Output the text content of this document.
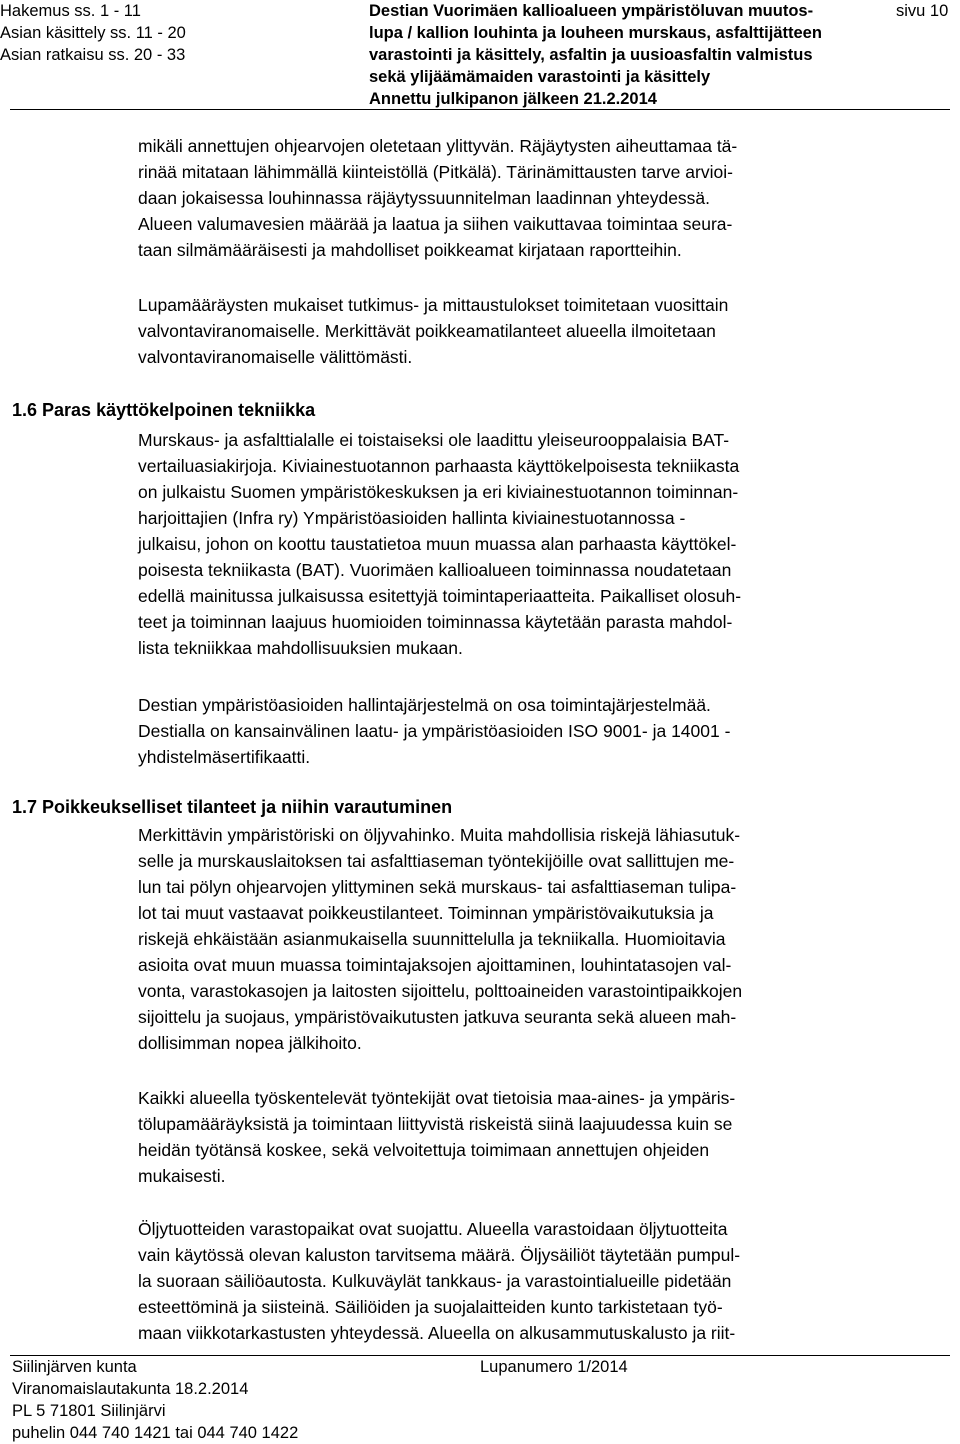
Hakemus ss. 1 - 11
Asian käsittely ss. 11 - 20
Asian ratkaisu ss. 20 - 33
Destian Vuorimäen kallioalueen ympäristöluvan muutos-
lupa / kallion louhinta ja louheen murskaus, asfalttijätteen
varastointi ja käsittely, asfaltin ja uusioasfaltin valmistus
sekä ylijäämämaiden varastointi ja käsittely
Annettu julkipanon jälkeen 21.2.2014
sivu 10

mikäli annettujen ohjearvojen oletetaan ylittyvän. Räjäytysten aiheuttamaa tä-
rinää mitataan lähimmällä kiinteistöllä (Pitkälä). Tärinämittausten tarve arvioi-
daan jokaisessa louhinnassa räjäytyssuunnitelman laadinnan yhteydessä.
Alueen valumavesien määrää ja laatua ja siihen vaikuttavaa toimintaa seura-
taan silmämääräisesti ja mahdolliset poikkeamat kirjataan raportteihin.

Lupamääräysten mukaiset tutkimus- ja mittaustulokset toimitetaan vuosittain
valvontaviranomaiselle. Merkittävät poikkeamatilanteet alueella ilmoitetaan
valvontaviranomaiselle välittömästi.

1.6 Paras käyttökelpoinen tekniikka

Murskaus- ja asfalttialalle ei toistaiseksi ole laadittu yleiseurooppalaisia BAT-
vertailuasiakirjoja. Kiviainestuotannon parhaasta käyttökelpoisesta tekniikasta
on julkaistu Suomen ympäristökeskuksen ja eri kiviainestuotannon toiminnan-
harjoittajien (Infra ry) Ympäristöasioiden hallinta kiviainestuotannossa -
julkaisu, johon on koottu taustatietoa muun muassa alan parhaasta käyttökel-
poisesta tekniikasta (BAT). Vuorimäen kallioalueen toiminnassa noudatetaan
edellä mainitussa julkaisussa esitettyjä toimintaperiaatteita. Paikalliset olosuh-
teet ja toiminnan laajuus huomioiden toiminnassa käytetään parasta mahdol-
lista tekniikkaa mahdollisuuksien mukaan.

Destian ympäristöasioiden hallintajärjestelmä on osa toimintajärjestelmää.
Destialla on kansainvälinen laatu- ja ympäristöasioiden ISO 9001- ja 14001 -
yhdistelmäsertifikaatti.

1.7 Poikkeukselliset tilanteet ja niihin varautuminen

Merkittävin ympäristöriski on öljyvahinko. Muita mahdollisia riskejä lähiasutuk-
selle ja murskauslaitoksen tai asfalttiaseman työntekijöille ovat sallittujen me-
lun tai pölyn ohjearvojen ylittyminen sekä murskaus- tai asfalttiaseman tulipa-
lot tai muut vastaavat poikkeustilanteet. Toiminnan ympäristövaikutuksia ja
riskejä ehkäistään asianmukaisella suunnittelulla ja tekniikalla. Huomioitavia
asioita ovat muun muassa toimintajaksojen ajoittaminen, louhintatasojen val-
vonta, varastokasojen ja laitosten sijoittelu, polttoaineiden varastointipaikkojen
sijoittelu ja suojaus, ympäristövaikutusten jatkuva seuranta sekä alueen mah-
dollisimman nopea jälkihoito.

Kaikki alueella työskentelevät työntekijät ovat tietoisia maa-aines- ja ympäris-
tölupamääräyksistä ja toimintaan liittyvistä riskeistä siinä laajuudessa kuin se
heidän työtänsä koskee, sekä velvoitettuja toimimaan annettujen ohjeiden
mukaisesti.

Öljytuotteiden varastopaikat ovat suojattu. Alueella varastoidaan öljytuotteita
vain käytössä olevan kaluston tarvitsema määrä. Öljysäiliöt täytetään pumpul-
la suoraan säiliöautosta. Kulkuväylät tankkaus- ja varastointialueille pidetään
esteettöminä ja siisteinä. Säiliöiden ja suojalaitteiden kunto tarkistetaan työ-
maan viikkotarkastusten yhteydessä. Alueella on alkusammutuskalusto ja riit-

Siilinjärven kunta
Viranomaislautakunta 18.2.2014
PL 5 71801 Siilinjärvi
puhelin 044 740 1421 tai 044 740 1422
Lupanumero 1/2014
